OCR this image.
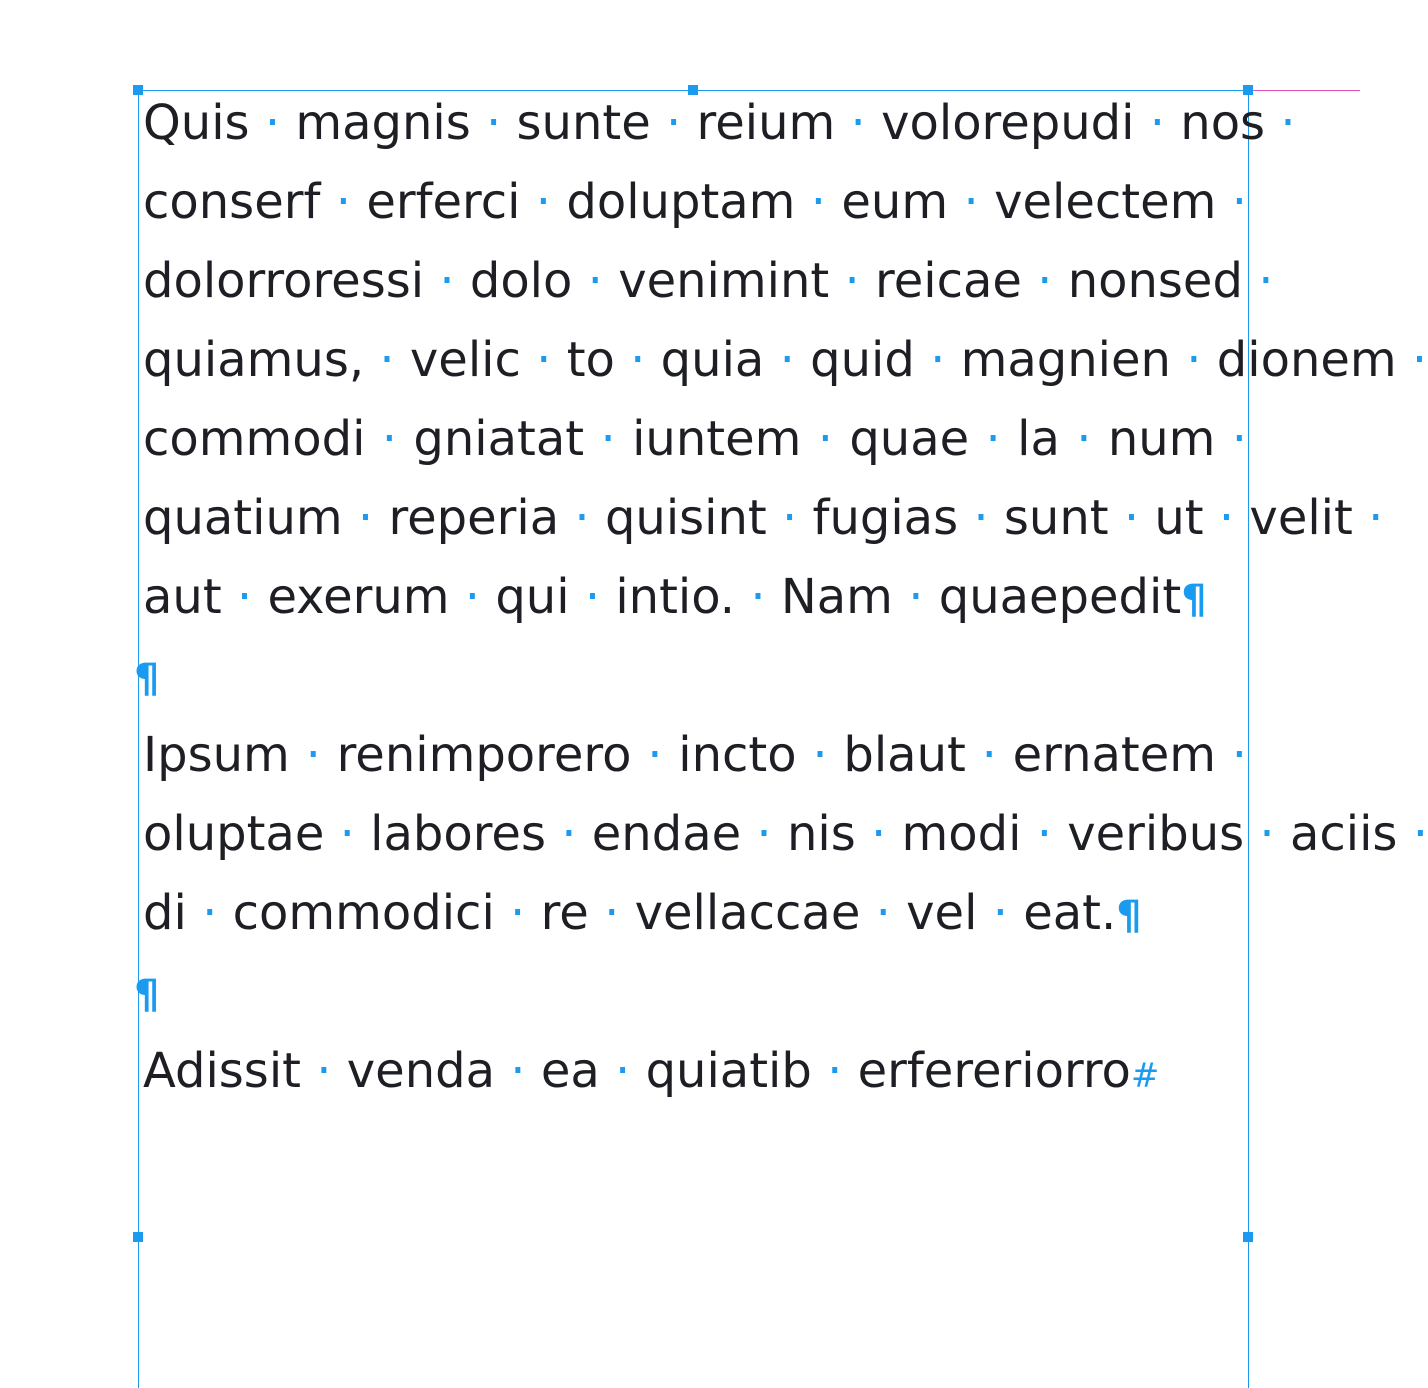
Quis · magnis · sunte · reium · volorepudi · nos ·
conserf · erferci · doluptam · eum · velectem ·
dolorroressi · dolo · venimint · reicae · nonsed ·
quiamus, · velic · to · quia · quid · magnien · dionem ·
commodi · gniatat · iuntem · quae · la · num ·
quatium · reperia · quisint · fugias · sunt · ut · velit ·
aut · exerum · qui · intio. · Nam · quaepedit¶
¶
Ipsum · renimporero · incto · blaut · ernatem ·
oluptae · labores · endae · nis · modi · veribus · aciis ·
di · commodici · re · vellaccae · vel · eat.¶
¶
Adissit · venda · ea · quiatib · erfereriorro#
